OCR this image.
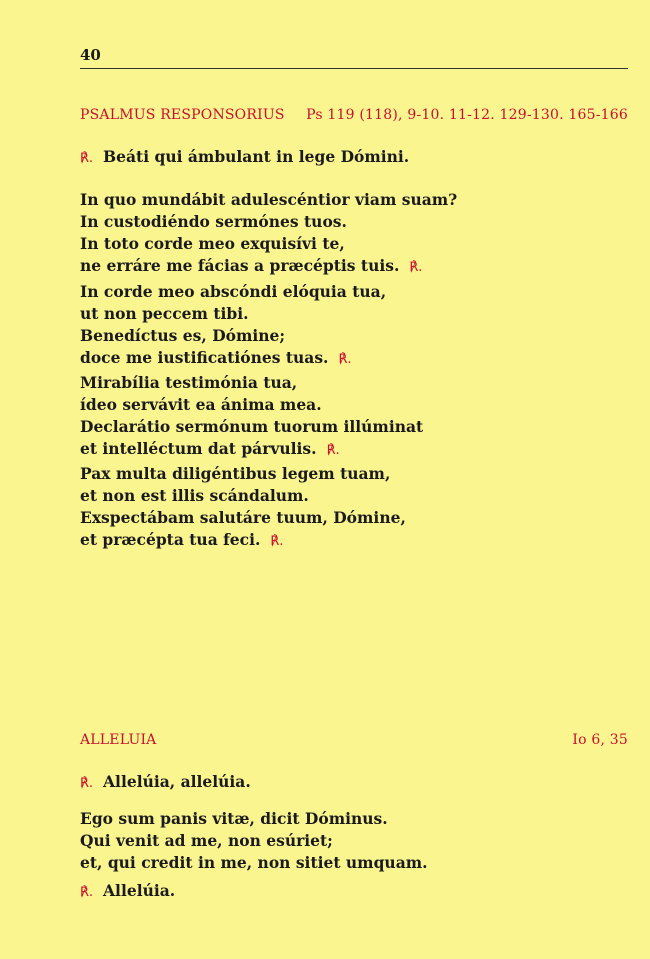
40
PSALMUS RESPONSORIUS Ps 119 (118), 9-10. 11-12. 129-130. 165-166
℟. Beáti qui ámbulant in lege Dómini.
In quo mundábit adulescéntior viam suam?
In custodiéndo sermónes tuos.
In toto corde meo exquisívi te,
ne erráre me fácias a præcéptis tuis. ℟.
In corde meo abscóndi elóquia tua,
ut non peccem tibi.
Benedíctus es, Dómine;
doce me iustificatiónes tuas. ℟.
Mirabília testimónia tua,
ídeo servávit ea ánima mea.
Declarátio sermónum tuorum illúminat
et intelléctum dat párvulis. ℟.
Pax multa diligéntibus legem tuam,
et non est illis scándalum.
Exspectábam salutáre tuum, Dómine,
et præcépta tua feci. ℟.
ALLELUIA	Io 6, 35
℟. Allelúia, allelúia.
Ego sum panis vitæ, dicit Dóminus.
Qui venit ad me, non esúriet;
et, qui credit in me, non sitiet umquam.
℟. Allelúia.
